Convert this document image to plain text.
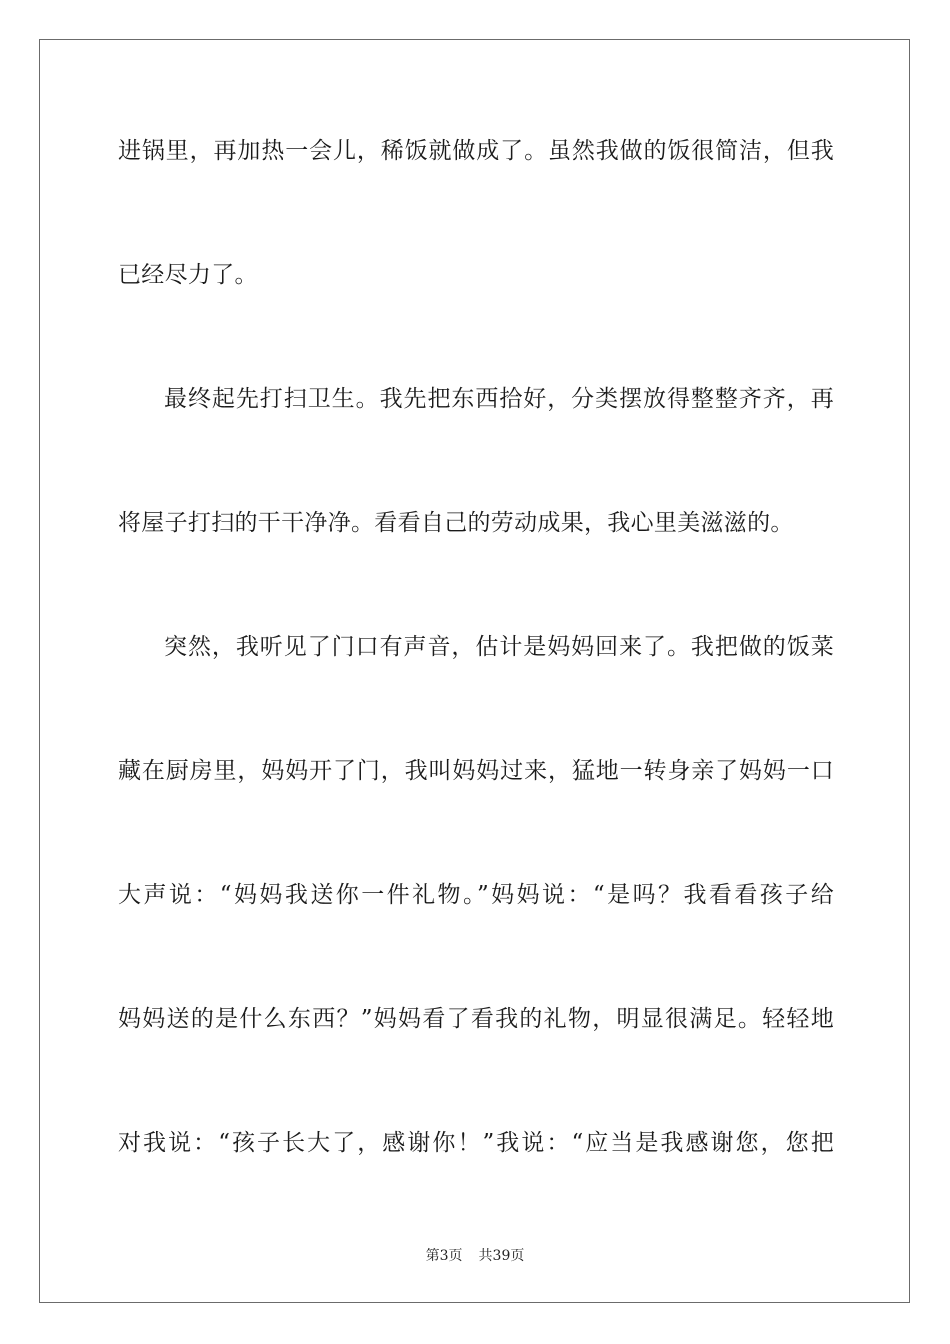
进锅里，再加热一会儿，稀饭就做成了。虽然我做的饭很简洁，但我

已经尽力了。

最终起先打扫卫生。我先把东西拾好，分类摆放得整整齐齐，再

将屋子打扫的干干净净。看看自己的劳动成果，我心里美滋滋的。

突然，我听见了门口有声音，估计是妈妈回来了。我把做的饭菜

藏在厨房里，妈妈开了门，我叫妈妈过来，猛地一转身亲了妈妈一口

大声说：“妈妈我送你一件礼物。”妈妈说：“是吗？我看看孩子给

妈妈送的是什么东西？”妈妈看了看我的礼物，明显很满足。轻轻地

对我说：“孩子长大了，感谢你！”我说：“应当是我感谢您，您把

第3页 共39页
